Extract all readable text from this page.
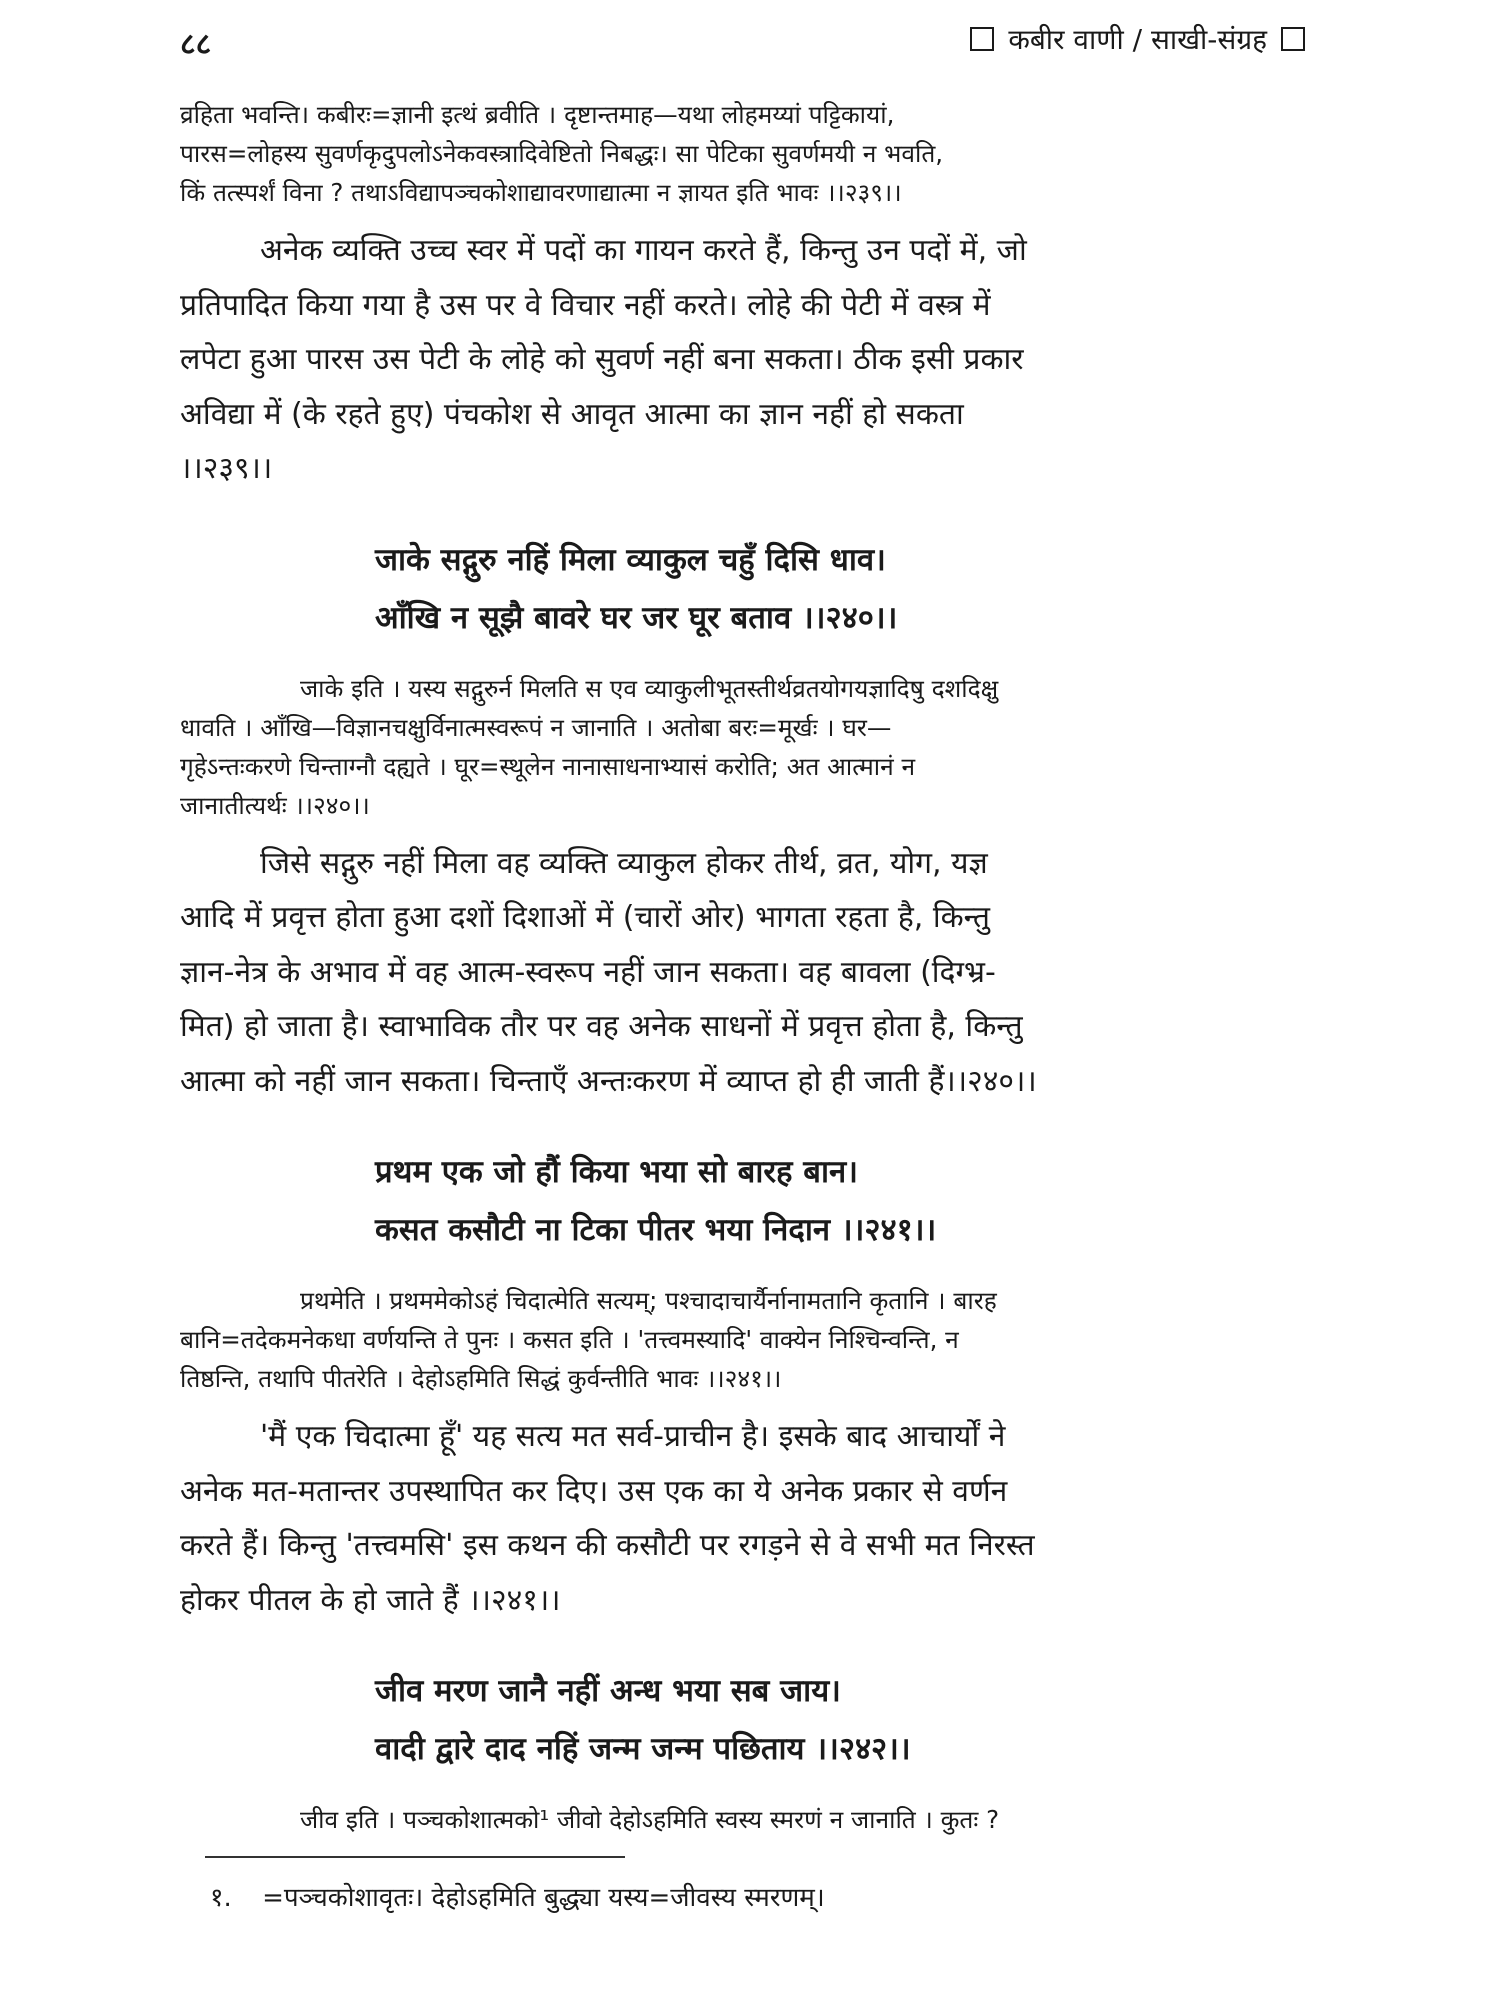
८८	कबीर वाणी / साखी-संग्रह
व्रहिता भवन्ति। कबीरः=ज्ञानी इत्थं ब्रवीति । दृष्टान्तमाह—यथा लोहमय्यां पट्टिकायां,
पारस=लोहस्य सुवर्णकृदुपलोऽनेकवस्त्रादिवेष्टितो निबद्धः। सा पेटिका सुवर्णमयी न भवति,
किं तत्स्पर्शं विना ? तथाऽविद्यापञ्चकोशाद्यावरणाद्यात्मा न ज्ञायत इति भावः ।।२३९।।
अनेक व्यक्ति उच्च स्वर में पदों का गायन करते हैं, किन्तु उन पदों में, जो
प्रतिपादित किया गया है उस पर वे विचार नहीं करते। लोहे की पेटी में वस्त्र में
लपेटा हुआ पारस उस पेटी के लोहे को सुवर्ण नहीं बना सकता। ठीक इसी प्रकार
अविद्या में (के रहते हुए) पंचकोश से आवृत आत्मा का ज्ञान नहीं हो सकता
।।२३९।।
जाके सद्गुरु नहिं मिला व्याकुल चहुँ दिसि धाव।
आँखि न सूझै बावरे घर जर घूर बताव ।।२४०।।
जाके इति । यस्य सद्गुरुर्न मिलति स एव व्याकुलीभूतस्तीर्थव्रतयोगयज्ञादिषु दशदिक्षु
धावति । आँखि—विज्ञानचक्षुर्विनात्मस्वरूपं न जानाति । अतोबा बरः=मूर्खः । घर—
गृहेऽन्तःकरणे चिन्ताग्नौ दह्यते । घूर=स्थूलेन नानासाधनाभ्यासं करोति; अत आत्मानं न
जानातीत्यर्थः ।।२४०।।
जिसे सद्गुरु नहीं मिला वह व्यक्ति व्याकुल होकर तीर्थ, व्रत, योग, यज्ञ
आदि में प्रवृत्त होता हुआ दशों दिशाओं में (चारों ओर) भागता रहता है, किन्तु
ज्ञान-नेत्र के अभाव में वह आत्म-स्वरूप नहीं जान सकता। वह बावला (दिग्भ्र-
मित) हो जाता है। स्वाभाविक तौर पर वह अनेक साधनों में प्रवृत्त होता है, किन्तु
आत्मा को नहीं जान सकता। चिन्ताएँ अन्तःकरण में व्याप्त हो ही जाती हैं।।२४०।।
प्रथम एक जो हौं किया भया सो बारह बान।
कसत कसौटी ना टिका पीतर भया निदान ।।२४१।।
प्रथमेति । प्रथममेकोऽहं चिदात्मेति सत्यम्; पश्चादाचार्यैर्नानामतानि कृतानि । बारह
बानि=तदेकमनेकधा वर्णयन्ति ते पुनः । कसत इति । 'तत्त्वमस्यादि' वाक्येन निश्चिन्वन्ति, न
तिष्ठन्ति, तथापि पीतरेति । देहोऽहमिति सिद्धं कुर्वन्तीति भावः ।।२४१।।
'मैं एक चिदात्मा हूँ' यह सत्य मत सर्व-प्राचीन है। इसके बाद आचार्यों ने
अनेक मत-मतान्तर उपस्थापित कर दिए। उस एक का ये अनेक प्रकार से वर्णन
करते हैं। किन्तु 'तत्त्वमसि' इस कथन की कसौटी पर रगड़ने से वे सभी मत निरस्त
होकर पीतल के हो जाते हैं ।।२४१।।
जीव मरण जानै नहीं अन्ध भया सब जाय।
वादी द्वारे दाद नहिं जन्म जन्म पछिताय ।।२४२।।
जीव इति । पञ्चकोशात्मको¹ जीवो देहोऽहमिति स्वस्य स्मरणं न जानाति । कुतः ?
१. =पञ्चकोशावृतः। देहोऽहमिति बुद्ध्या यस्य=जीवस्य स्मरणम्।
